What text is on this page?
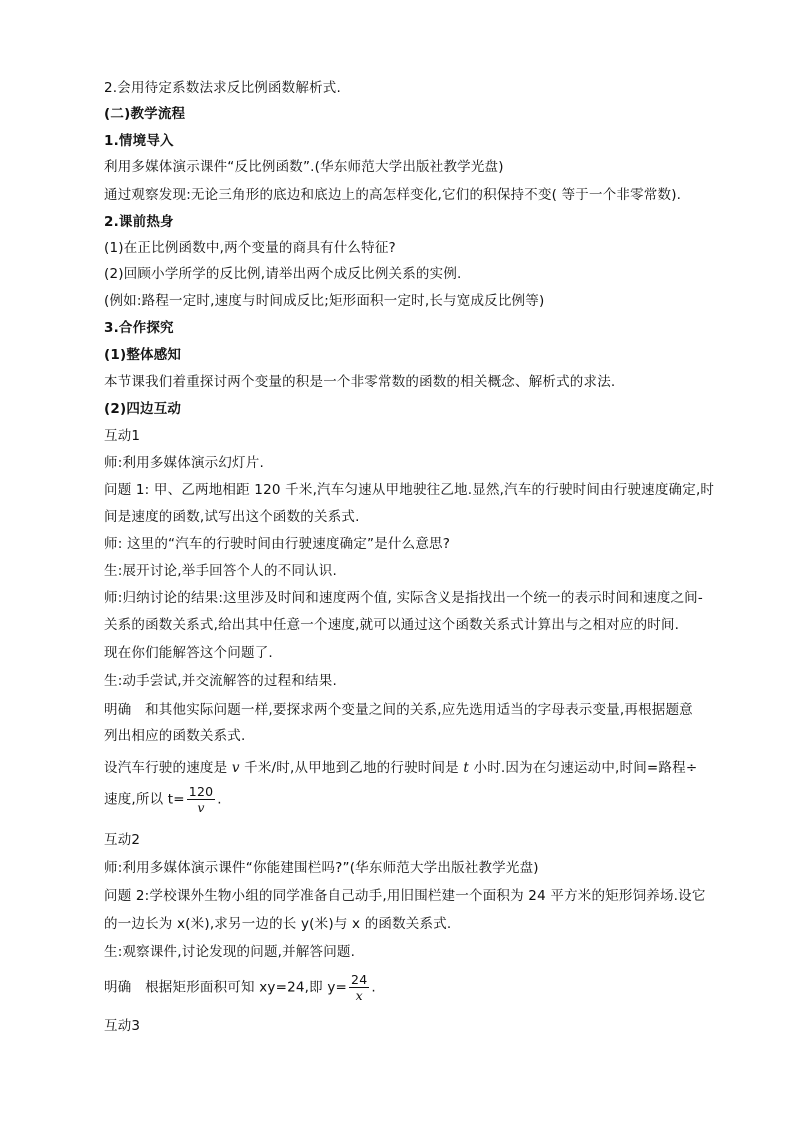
2.会用待定系数法求反比例函数解析式.
(二)教学流程
1.情境导入
利用多媒体演示课件“反比例函数”.(华东师范大学出版社教学光盘)
通过观察发现:无论三角形的底边和底边上的高怎样变化,它们的积保持不变( 等于一个非零常数).
2.课前热身
(1)在正比例函数中,两个变量的商具有什么特征?
(2)回顾小学所学的反比例,请举出两个成反比例关系的实例.
(例如:路程一定时,速度与时间成反比;矩形面积一定时,长与宽成反比例等)
3.合作探究
(1)整体感知
本节课我们着重探讨两个变量的积是一个非零常数的函数的相关概念、解析式的求法.
(2)四边互动
互动1
师:利用多媒体演示幻灯片.
问题 1: 甲、乙两地相距 120 千米,汽车匀速从甲地驶往乙地.显然,汽车的行驶时间由行驶速度确定,时
间是速度的函数,试写出这个函数的关系式.
师: 这里的“汽车的行驶时间由行驶速度确定”是什么意思?
生:展开讨论,举手回答个人的不同认识.
师:归纳讨论的结果:这里涉及时间和速度两个值, 实际含义是指找出一个统一的表示时间和速度之间-
关系的函数关系式,给出其中任意一个速度,就可以通过这个函数关系式计算出与之相对应的时间.
现在你们能解答这个问题了.
生:动手尝试,并交流解答的过程和结果.
明确　和其他实际问题一样,要探求两个变量之间的关系,应先选用适当的字母表示变量,再根据题意
列出相应的函数关系式.
设汽车行驶的速度是 v 千米/时,从甲地到乙地的行驶时间是 t 小时.因为在匀速运动中,时间=路程÷
速度,所以 $t= \frac{120}{v}$ .
互动2
师:利用多媒体演示课件“你能建围栏吗?”(华东师范大学出版社教学光盘)
问题 2:学校课外生物小组的同学准备自己动手,用旧围栏建一个面积为 24 平方米的矩形饲养场.设它
的一边长为 x(米),求另一边的长 y(米)与 x 的函数关系式.
生:观察课件,讨论发现的问题,并解答问题.
明确　根据矩形面积可知 xy=24,即 $y= \frac{24}{x}$ .
互动3
